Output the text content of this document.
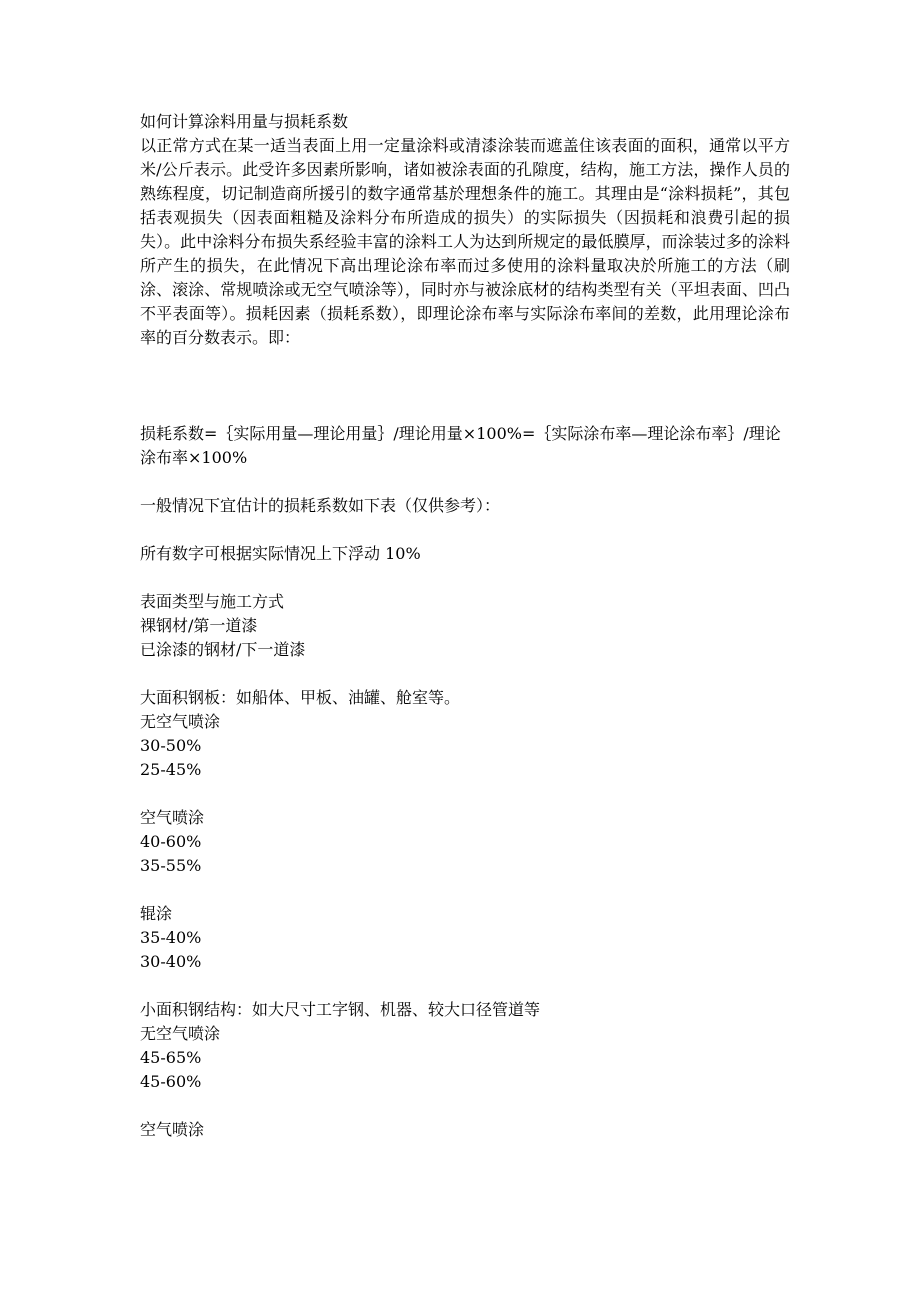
如何计算涂料用量与损耗系数

以正常方式在某一适当表面上用一定量涂料或清漆涂装而遮盖住该表面的面积，通常以平方米/公斤表示。此受许多因素所影响，诸如被涂表面的孔隙度，结构，施工方法，操作人员的熟练程度，切记制造商所援引的数字通常基於理想条件的施工。其理由是“涂料损耗”，其包括表观损失（因表面粗糙及涂料分布所造成的损失）的实际损失（因损耗和浪费引起的损失）。此中涂料分布损失系经验丰富的涂料工人为达到所规定的最低膜厚，而涂装过多的涂料所产生的损失，在此情况下高出理论涂布率而过多使用的涂料量取决於所施工的方法（刷涂、滚涂、常规喷涂或无空气喷涂等），同时亦与被涂底材的结构类型有关（平坦表面、凹凸不平表面等）。损耗因素（损耗系数），即理论涂布率与实际涂布率间的差数，此用理论涂布率的百分数表示。即：

损耗系数=｛实际用量—理论用量｝/理论用量×100%=｛实际涂布率—理论涂布率｝/理论涂布率×100%

一般情况下宜估计的损耗系数如下表（仅供参考）：

所有数字可根据实际情况上下浮动 10%

表面类型与施工方式

裸钢材/第一道漆

已涂漆的钢材/下一道漆

大面积钢板：如船体、甲板、油罐、舱室等。

无空气喷涂

30-50%

25-45%

空气喷涂

40-60%

35-55%

辊涂

35-40%

30-40%

小面积钢结构：如大尺寸工字钢、机器、较大口径管道等

无空气喷涂

45-65%

45-60%

空气喷涂
